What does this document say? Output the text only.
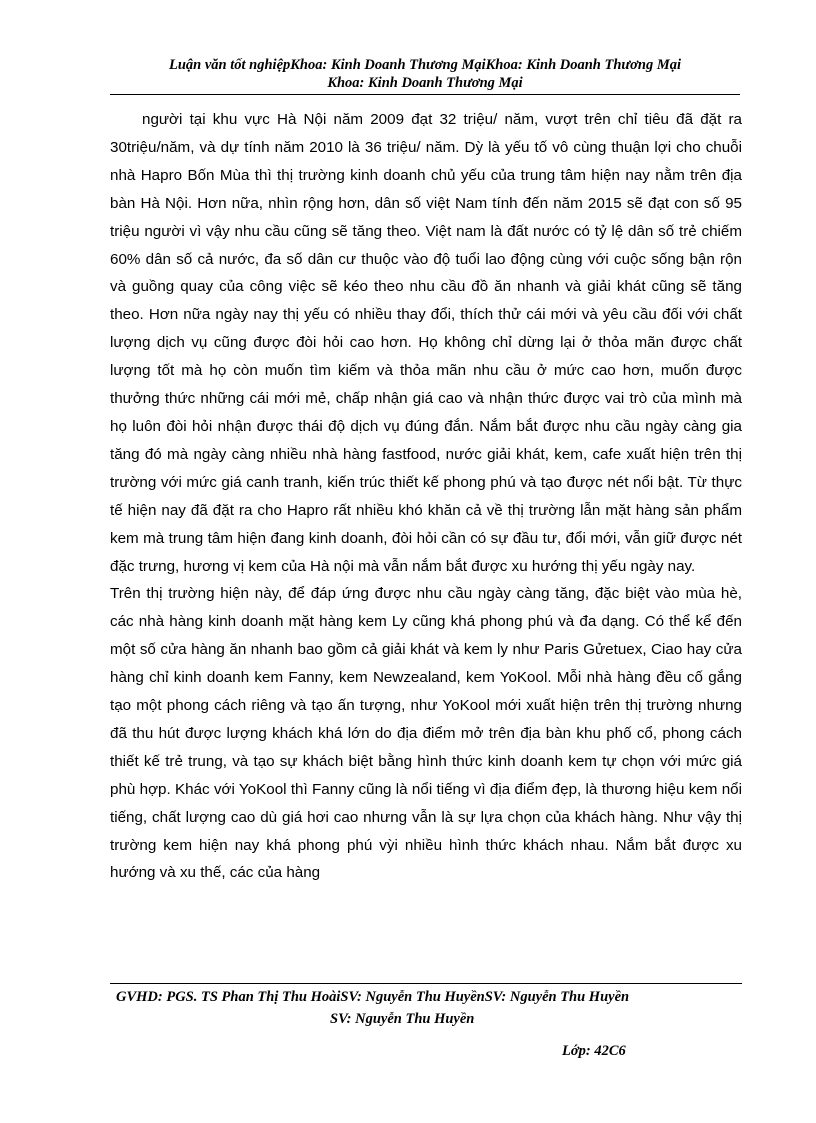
Luận văn tốt nghiệpKhoa: Kinh Doanh Thương MạiKhoa: Kinh Doanh Thương Mại
Khoa: Kinh Doanh Thương Mại

người tại khu vực Hà Nội năm 2009 đạt 32 triệu/ năm, vượt trên chỉ tiêu đã đặt ra 30triệu/năm, và dự tính năm 2010 là 36 triệu/ năm. Dỳ là yếu tố vô cùng thuận lợi cho chuỗi nhà Hapro Bốn Mùa thì thị trường kinh doanh chủ yếu của trung tâm hiện nay nằm trên địa bàn Hà Nội. Hơn nữa, nhìn rộng hơn, dân số việt Nam tính đến năm 2015 sẽ đạt con số 95 triệu người vì vậy nhu cầu cũng sẽ tăng theo. Việt nam là đất nước có tỷ lệ dân số trẻ chiếm 60% dân số cả nước, đa số dân cư thuộc vào độ tuổi lao động cùng với cuộc sống bận rộn và guồng quay của công việc sẽ kéo theo nhu cầu đồ ăn nhanh và giải khát cũng sẽ tăng theo. Hơn nữa ngày nay thị yếu có nhiều thay đổi, thích thử cái mới và yêu cầu đối với chất lượng dịch vụ cũng được đòi hỏi cao hơn. Họ không chỉ dừng lại ở thỏa mãn được chất lượng tốt mà họ còn muốn tìm kiếm và thỏa mãn nhu cầu ở mức cao hơn, muốn được thưởng thức những cái mới mẻ, chấp nhận giá cao và nhận thức được vai trò của mình mà họ luôn đòi hỏi nhận được thái độ dịch vụ đúng đắn. Nắm bắt được nhu cầu ngày càng gia tăng đó mà ngày càng nhiều nhà hàng fastfood, nước giải khát, kem, cafe xuất hiện trên thị trường với mức giá canh tranh, kiến trúc thiết kế phong phú và tạo được nét nổi bật. Từ thực tế hiện nay đã đặt ra cho Hapro rất nhiều khó khăn cả về thị trường lẫn mặt hàng sản phẩm kem mà trung tâm hiện đang kinh doanh, đòi hỏi cần có sự đầu tư, đổi mới, vẫn giữ được nét đặc trưng, hương vị kem của Hà nội mà vẫn nắm bắt được xu hướng thị yếu ngày nay.

Trên thị trường hiện này, để đáp ứng được nhu cầu ngày càng tăng, đặc biệt vào mùa hè, các nhà hàng kinh doanh mặt hàng kem Ly cũng khá phong phú và đa dạng. Có thể kể đến một số cửa hàng ăn nhanh bao gồm cả giải khát và kem ly như Paris Gửetuex, Ciao hay cửa hàng chỉ kinh doanh kem Fanny, kem Newzealand, kem YoKool. Mỗi nhà hàng đều cố gắng tạo một phong cách riêng và tạo ấn tượng, như YoKool mới xuất hiện trên thị trường nhưng đã thu hút được lượng khách khá lớn do địa điểm mở trên địa bàn khu phố cổ, phong cách thiết kế trẻ trung, và tạo sự khách biệt bằng hình thức kinh doanh kem tự chọn với mức giá phù hợp. Khác với YoKool thì Fanny cũng là nổi tiếng vì địa điểm đẹp, là thương hiệu kem nổi tiếng, chất lượng cao dù giá hơi cao nhưng vẫn là sự lựa chọn của khách hàng. Như vậy thị trường kem hiện nay khá phong phú vỳi nhiều hình thức khách nhau. Nắm bắt được xu hướng và xu thế, các của hàng

GVHD: PGS. TS Phan Thị Thu HoàiSV: Nguyễn Thu HuyềnSV: Nguyễn Thu Huyền
SV: Nguyễn Thu Huyền
Lớp: 42C6
